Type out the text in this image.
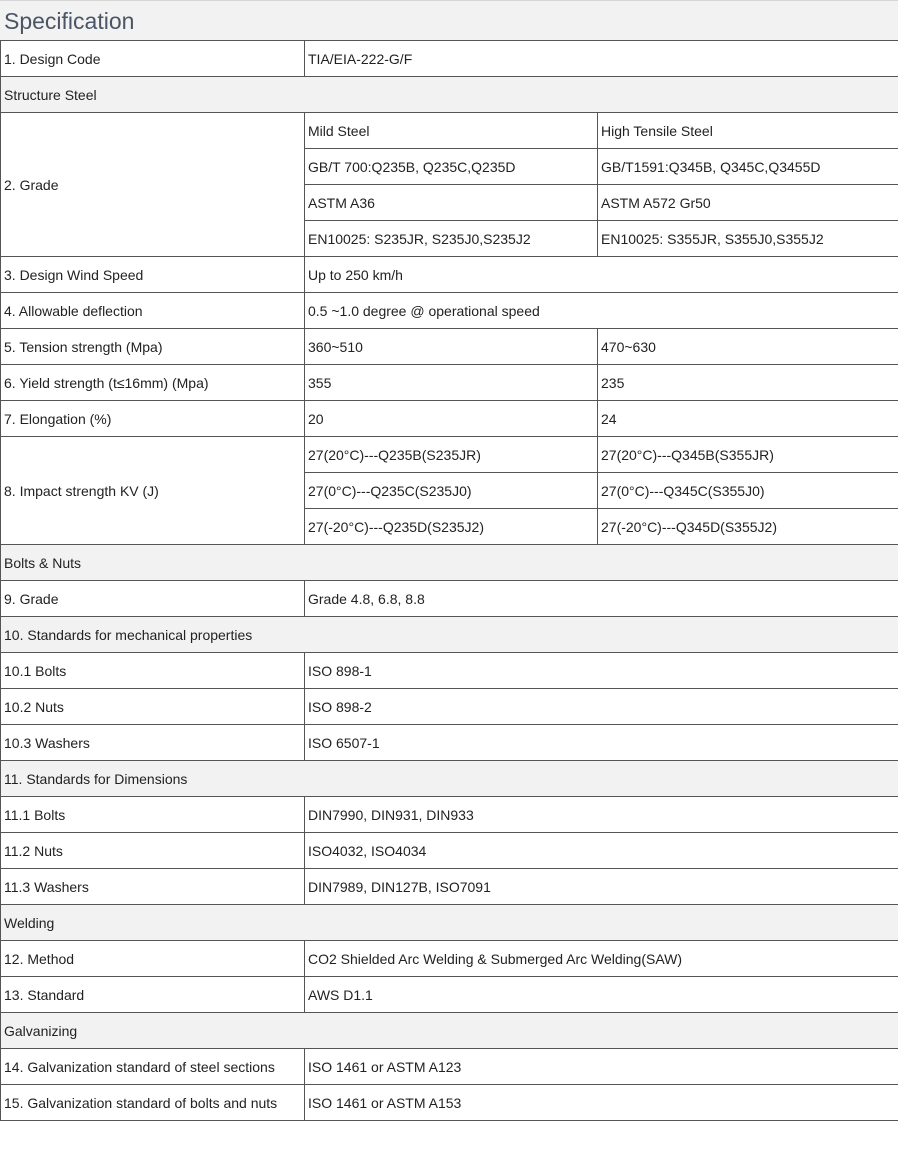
Specification
1. Design Code	TIA/EIA-222-G/F	
Structure Steel		
2. Grade	Mild Steel	High Tensile Steel
	GB/T 700:Q235B, Q235C,Q235D	GB/T1591:Q345B, Q345C,Q3455D
	ASTM A36	ASTM A572 Gr50
	EN10025: S235JR, S235J0,S235J2	EN10025: S355JR, S355J0,S355J2
3. Design Wind Speed	Up to 250 km/h	
4. Allowable deflection	0.5 ~1.0 degree @ operational speed	
5. Tension strength (Mpa)	360~510	470~630
6. Yield strength (t≤16mm) (Mpa)	355	235
7. Elongation (%)	20	24
8. Impact strength KV (J)	27(20°C)---Q235B(S235JR)	27(20°C)---Q345B(S355JR)
	27(0°C)---Q235C(S235J0)	27(0°C)---Q345C(S355J0)
	27(-20°C)---Q235D(S235J2)	27(-20°C)---Q345D(S355J2)
Bolts & Nuts		
9. Grade	Grade 4.8, 6.8, 8.8	
10. Standards for mechanical properties		
10.1 Bolts	ISO 898-1	
10.2 Nuts	ISO 898-2	
10.3 Washers	ISO 6507-1	
11. Standards for Dimensions		
11.1 Bolts	DIN7990, DIN931, DIN933	
11.2 Nuts	ISO4032, ISO4034	
11.3 Washers	DIN7989, DIN127B, ISO7091	
Welding		
12. Method	CO2 Shielded Arc Welding & Submerged Arc Welding(SAW)	
13. Standard	AWS D1.1	
Galvanizing		
14. Galvanization standard of steel sections	ISO 1461 or ASTM A123	
15. Galvanization standard of bolts and nuts	ISO 1461 or ASTM A153	
